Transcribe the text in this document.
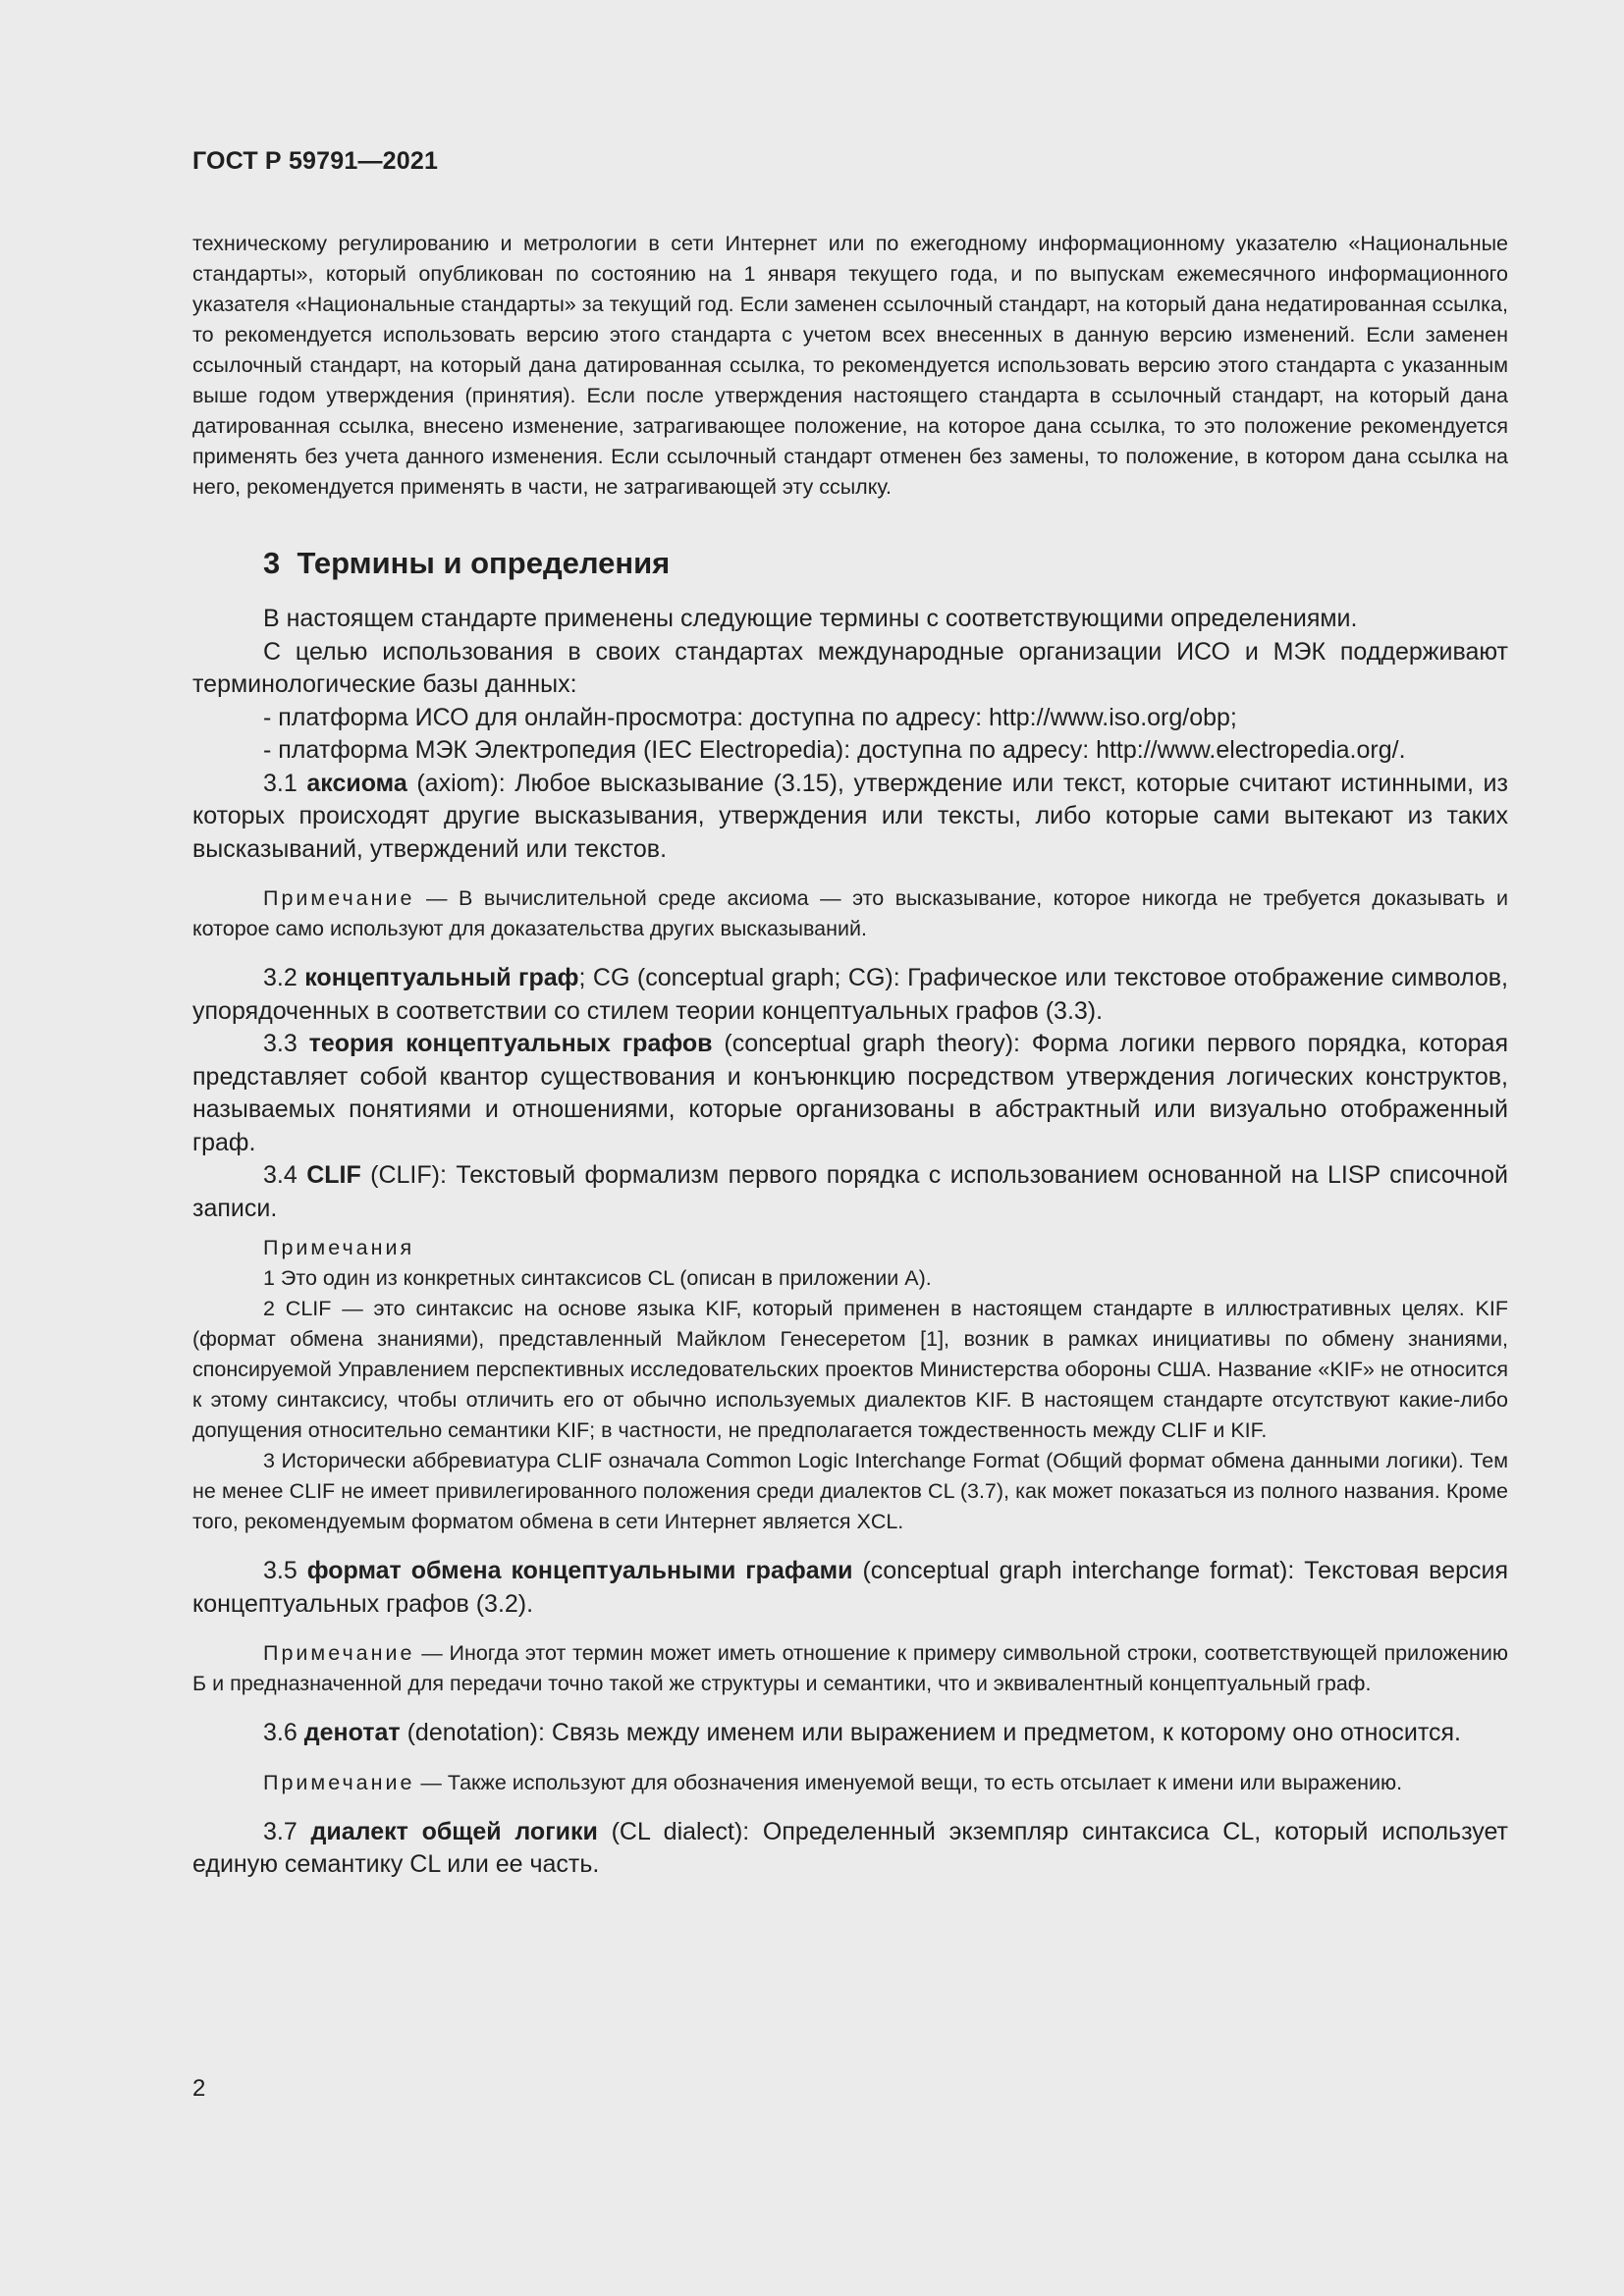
ГОСТ Р 59791—2021

техническому регулированию и метрологии в сети Интернет или по ежегодному информационному указателю «Национальные стандарты», который опубликован по состоянию на 1 января текущего года, и по выпускам ежемесячного информационного указателя «Национальные стандарты» за текущий год. Если заменен ссылочный стандарт, на который дана недатированная ссылка, то рекомендуется использовать версию этого стандарта с учетом всех внесенных в данную версию изменений. Если заменен ссылочный стандарт, на который дана датированная ссылка, то рекомендуется использовать версию этого стандарта с указанным выше годом утверждения (принятия). Если после утверждения настоящего стандарта в ссылочный стандарт, на который дана датированная ссылка, внесено изменение, затрагивающее положение, на которое дана ссылка, то это положение рекомендуется применять без учета данного изменения. Если ссылочный стандарт отменен без замены, то положение, в котором дана ссылка на него, рекомендуется применять в части, не затрагивающей эту ссылку.

3 Термины и определения

В настоящем стандарте применены следующие термины с соответствующими определениями.

С целью использования в своих стандартах международные организации ИСО и МЭК поддерживают терминологические базы данных:

- платформа ИСО для онлайн-просмотра: доступна по адресу: http://www.iso.org/obp;

- платформа МЭК Электропедия (IEC Electropedia): доступна по адресу: http://www.electropedia.org/.

3.1 аксиома (axiom): Любое высказывание (3.15), утверждение или текст, которые считают истинными, из которых происходят другие высказывания, утверждения или тексты, либо которые сами вытекают из таких высказываний, утверждений или текстов.

Примечание — В вычислительной среде аксиома — это высказывание, которое никогда не требуется доказывать и которое само используют для доказательства других высказываний.

3.2 концептуальный граф; CG (conceptual graph; CG): Графическое или текстовое отображение символов, упорядоченных в соответствии со стилем теории концептуальных графов (3.3).

3.3 теория концептуальных графов (conceptual graph theory): Форма логики первого порядка, которая представляет собой квантор существования и конъюнкцию посредством утверждения логических конструктов, называемых понятиями и отношениями, которые организованы в абстрактный или визуально отображенный граф.

3.4 CLIF (CLIF): Текстовый формализм первого порядка с использованием основанной на LISP списочной записи.

Примечания

1 Это один из конкретных синтаксисов CL (описан в приложении А).

2 CLIF — это синтаксис на основе языка KIF, который применен в настоящем стандарте в иллюстративных целях. KIF (формат обмена знаниями), представленный Майклом Генесеретом [1], возник в рамках инициативы по обмену знаниями, спонсируемой Управлением перспективных исследовательских проектов Министерства обороны США. Название «KIF» не относится к этому синтаксису, чтобы отличить его от обычно используемых диалектов KIF. В настоящем стандарте отсутствуют какие-либо допущения относительно семантики KIF; в частности, не предполагается тождественность между CLIF и KIF.

3 Исторически аббревиатура CLIF означала Common Logic Interchange Format (Общий формат обмена данными логики). Тем не менее CLIF не имеет привилегированного положения среди диалектов CL (3.7), как может показаться из полного названия. Кроме того, рекомендуемым форматом обмена в сети Интернет является XCL.

3.5 формат обмена концептуальными графами (conceptual graph interchange format): Текстовая версия концептуальных графов (3.2).

Примечание — Иногда этот термин может иметь отношение к примеру символьной строки, соответствующей приложению Б и предназначенной для передачи точно такой же структуры и семантики, что и эквивалентный концептуальный граф.

3.6 денотат (denotation): Связь между именем или выражением и предметом, к которому оно относится.

Примечание — Также используют для обозначения именуемой вещи, то есть отсылает к имени или выражению.

3.7 диалект общей логики (CL dialect): Определенный экземпляр синтаксиса CL, который использует единую семантику CL или ее часть.

2
